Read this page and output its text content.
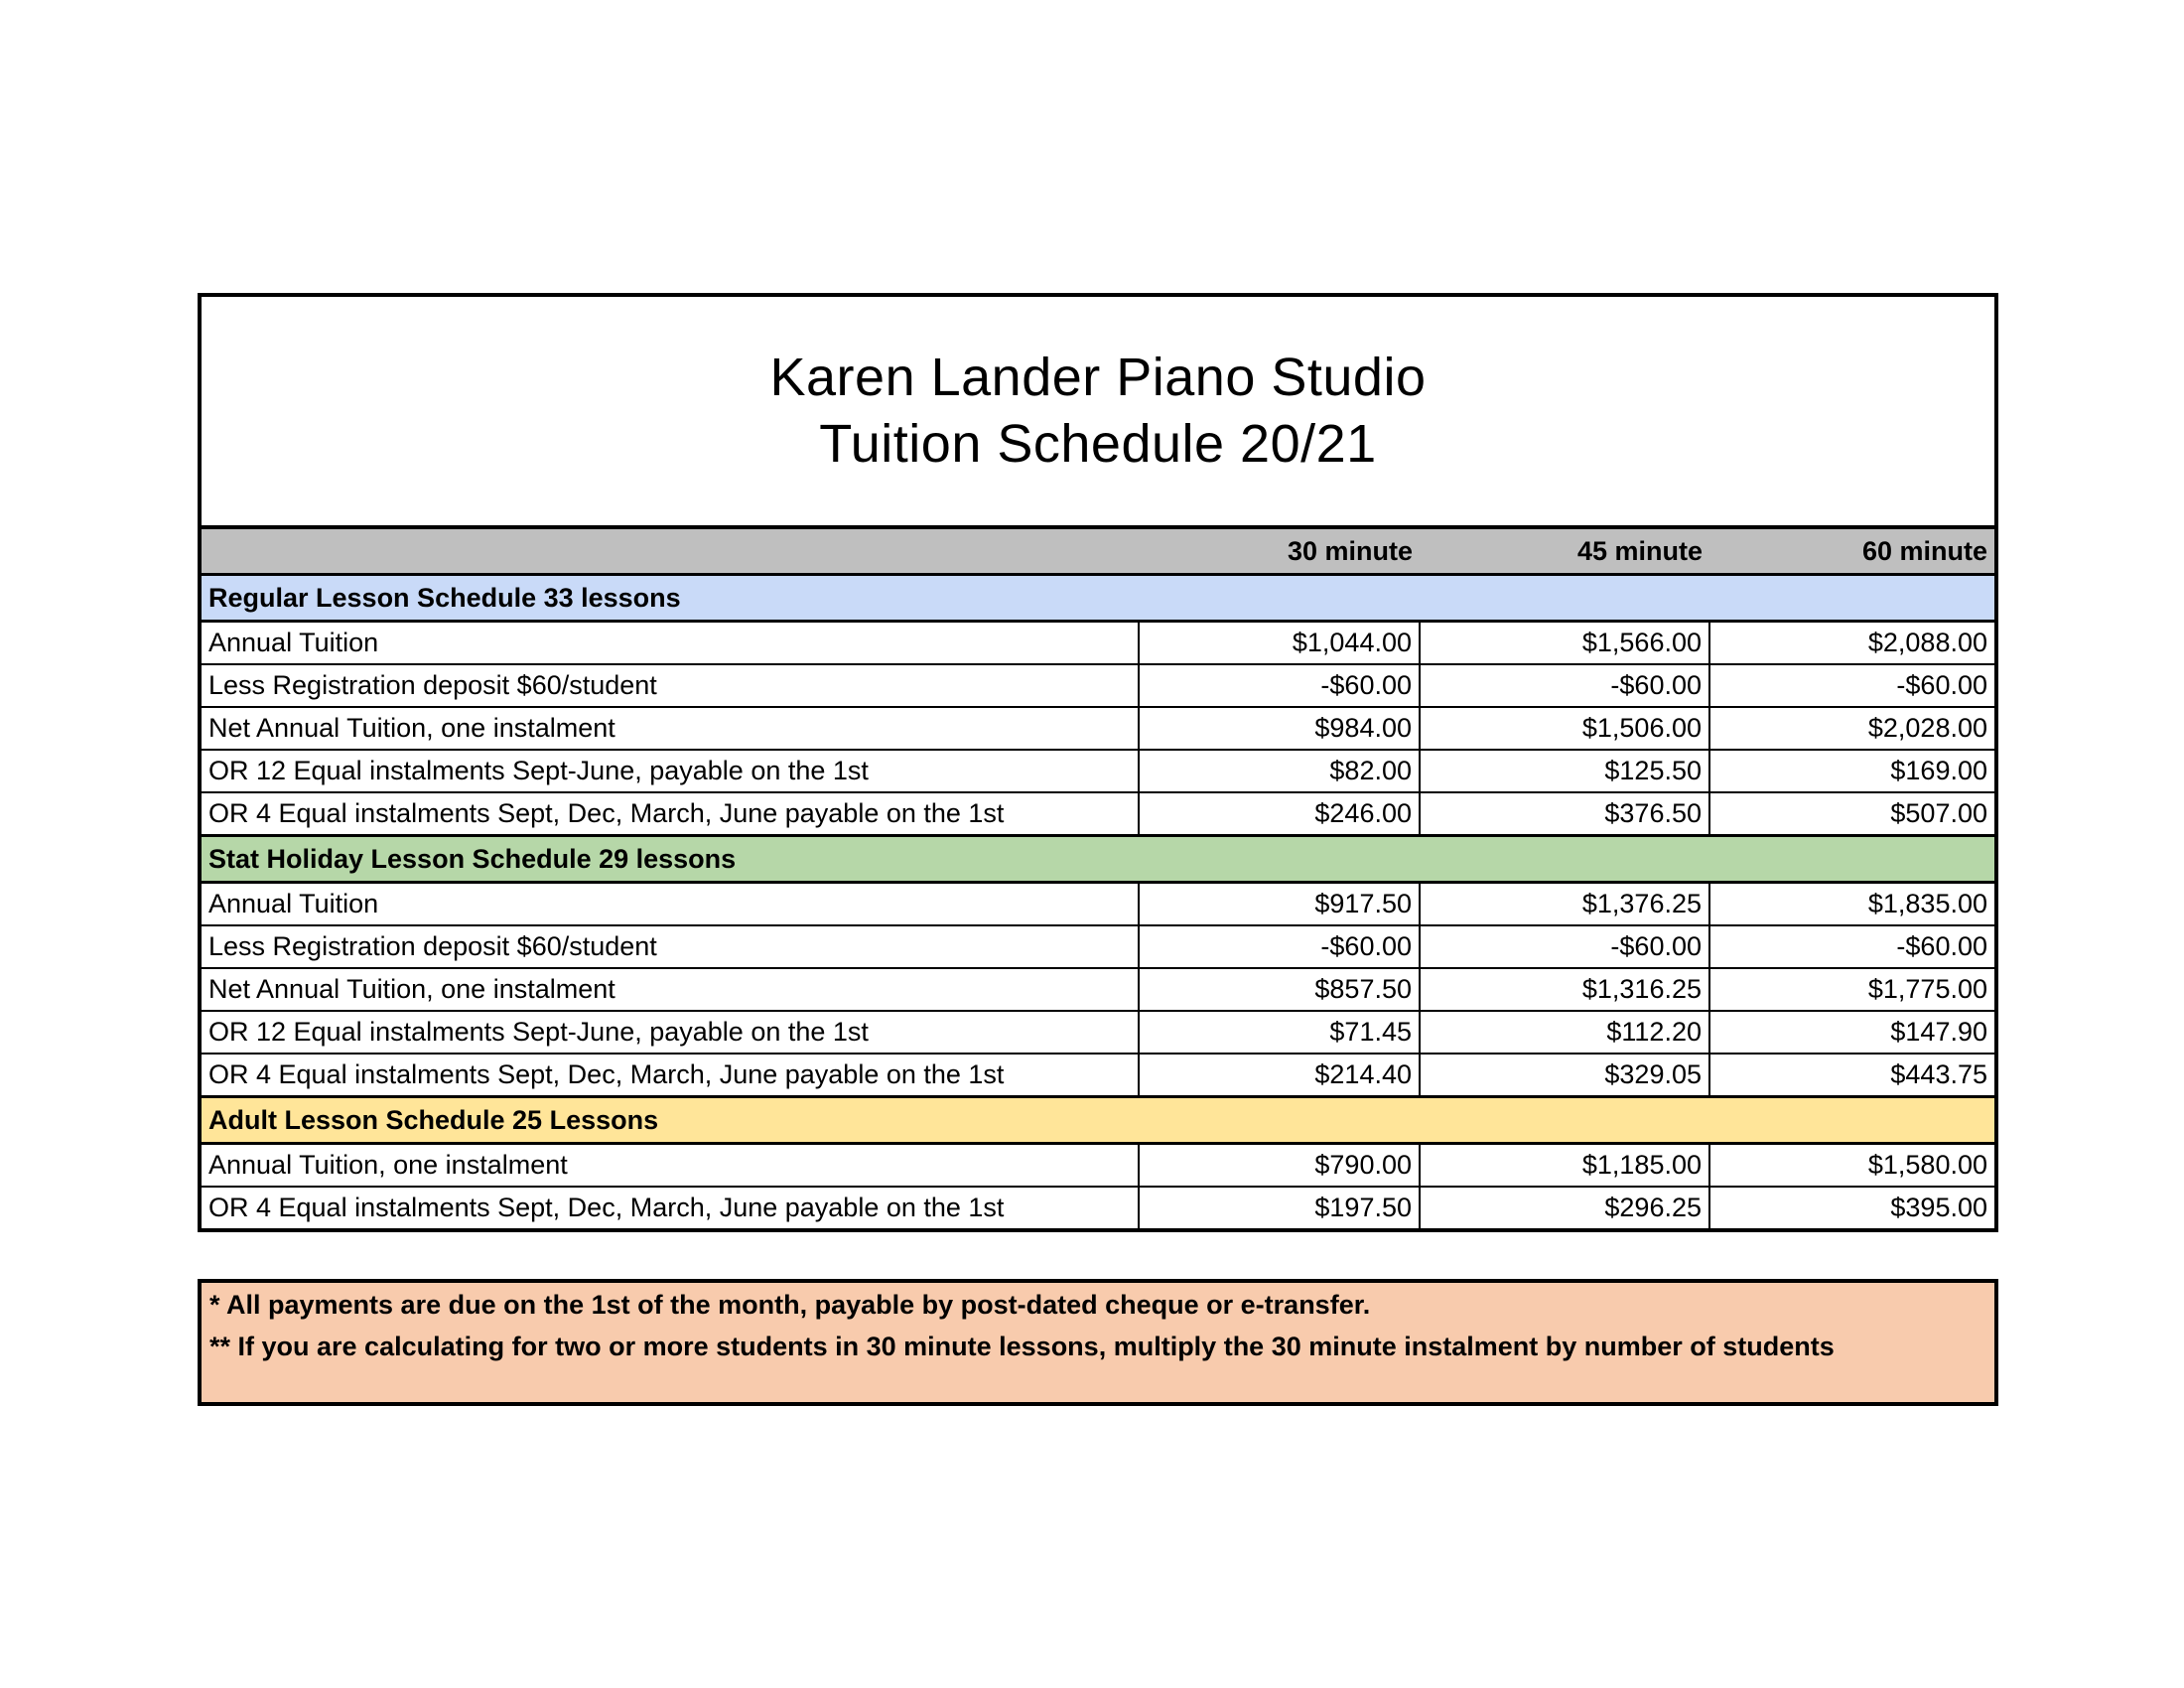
Karen Lander Piano Studio
Tuition Schedule 20/21
	30 minute	45 minute	60 minute
Regular Lesson Schedule 33 lessons			
Annual Tuition	$1,044.00	$1,566.00	$2,088.00
Less Registration deposit $60/student	-$60.00	-$60.00	-$60.00
Net Annual Tuition, one instalment	$984.00	$1,506.00	$2,028.00
OR 12 Equal instalments Sept-June, payable on the 1st	$82.00	$125.50	$169.00
OR 4 Equal instalments Sept, Dec, March, June payable on the 1st	$246.00	$376.50	$507.00
Stat Holiday Lesson Schedule 29 lessons			
Annual Tuition	$917.50	$1,376.25	$1,835.00
Less Registration deposit $60/student	-$60.00	-$60.00	-$60.00
Net Annual Tuition, one instalment	$857.50	$1,316.25	$1,775.00
OR 12 Equal instalments Sept-June, payable on the 1st	$71.45	$112.20	$147.90
OR 4 Equal instalments Sept, Dec, March, June payable on the 1st	$214.40	$329.05	$443.75
Adult Lesson Schedule 25 Lessons			
Annual Tuition, one instalment	$790.00	$1,185.00	$1,580.00
OR 4 Equal instalments Sept, Dec, March, June payable on the 1st	$197.50	$296.25	$395.00
* All payments are due on the 1st of the month, payable by post-dated cheque or e-transfer.
** If you are calculating for two or more students in 30 minute lessons, multiply the 30 minute instalment by number of students
